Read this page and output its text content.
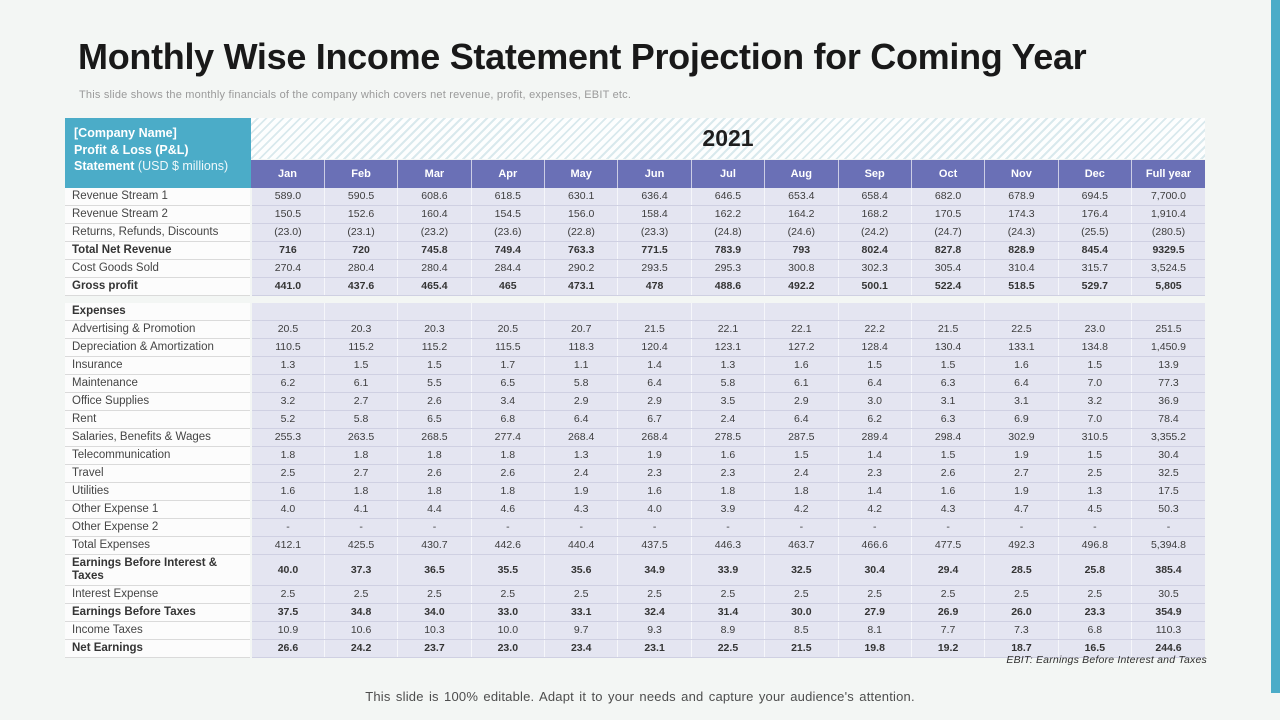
Monthly Wise Income Statement Projection for Coming Year
This slide shows the monthly financials of the company which covers net revenue, profit, expenses, EBIT etc.
[Company Name]
Profit & Loss (P&L)
Statement (USD $ millions)	2021												
	Jan	Feb	Mar	Apr	May	Jun	Jul	Aug	Sep	Oct	Nov	Dec	Full year
Revenue Stream 1	589.0	590.5	608.6	618.5	630.1	636.4	646.5	653.4	658.4	682.0	678.9	694.5	7,700.0
Revenue Stream 2	150.5	152.6	160.4	154.5	156.0	158.4	162.2	164.2	168.2	170.5	174.3	176.4	1,910.4
Returns, Refunds, Discounts	(23.0)	(23.1)	(23.2)	(23.6)	(22.8)	(23.3)	(24.8)	(24.6)	(24.2)	(24.7)	(24.3)	(25.5)	(280.5)
Total Net Revenue	716	720	745.8	749.4	763.3	771.5	783.9	793	802.4	827.8	828.9	845.4	9329.5
Cost Goods Sold	270.4	280.4	280.4	284.4	290.2	293.5	295.3	300.8	302.3	305.4	310.4	315.7	3,524.5
Gross profit	441.0	437.6	465.4	465	473.1	478	488.6	492.2	500.1	522.4	518.5	529.7	5,805

Expenses													
Advertising & Promotion	20.5	20.3	20.3	20.5	20.7	21.5	22.1	22.1	22.2	21.5	22.5	23.0	251.5
Depreciation & Amortization	110.5	115.2	115.2	115.5	118.3	120.4	123.1	127.2	128.4	130.4	133.1	134.8	1,450.9
Insurance	1.3	1.5	1.5	1.7	1.1	1.4	1.3	1.6	1.5	1.5	1.6	1.5	13.9
Maintenance	6.2	6.1	5.5	6.5	5.8	6.4	5.8	6.1	6.4	6.3	6.4	7.0	77.3
Office Supplies	3.2	2.7	2.6	3.4	2.9	2.9	3.5	2.9	3.0	3.1	3.1	3.2	36.9
Rent	5.2	5.8	6.5	6.8	6.4	6.7	2.4	6.4	6.2	6.3	6.9	7.0	78.4
Salaries, Benefits & Wages	255.3	263.5	268.5	277.4	268.4	268.4	278.5	287.5	289.4	298.4	302.9	310.5	3,355.2
Telecommunication	1.8	1.8	1.8	1.8	1.3	1.9	1.6	1.5	1.4	1.5	1.9	1.5	30.4
Travel	2.5	2.7	2.6	2.6	2.4	2.3	2.3	2.4	2.3	2.6	2.7	2.5	32.5
Utilities	1.6	1.8	1.8	1.8	1.9	1.6	1.8	1.8	1.4	1.6	1.9	1.3	17.5
Other Expense 1	4.0	4.1	4.4	4.6	4.3	4.0	3.9	4.2	4.2	4.3	4.7	4.5	50.3
Other Expense 2	-	-	-	-	-	-	-	-	-	-	-	-	-
Total Expenses	412.1	425.5	430.7	442.6	440.4	437.5	446.3	463.7	466.6	477.5	492.3	496.8	5,394.8
Earnings Before Interest & Taxes	40.0	37.3	36.5	35.5	35.6	34.9	33.9	32.5	30.4	29.4	28.5	25.8	385.4
Interest Expense	2.5	2.5	2.5	2.5	2.5	2.5	2.5	2.5	2.5	2.5	2.5	2.5	30.5
Earnings Before Taxes	37.5	34.8	34.0	33.0	33.1	32.4	31.4	30.0	27.9	26.9	26.0	23.3	354.9
Income Taxes	10.9	10.6	10.3	10.0	9.7	9.3	8.9	8.5	8.1	7.7	7.3	6.8	110.3
Net Earnings	26.6	24.2	23.7	23.0	23.4	23.1	22.5	21.5	19.8	19.2	18.7	16.5	244.6
EBIT: Earnings Before Interest and Taxes
This slide is 100% editable. Adapt it to your needs and capture your audience's attention.
